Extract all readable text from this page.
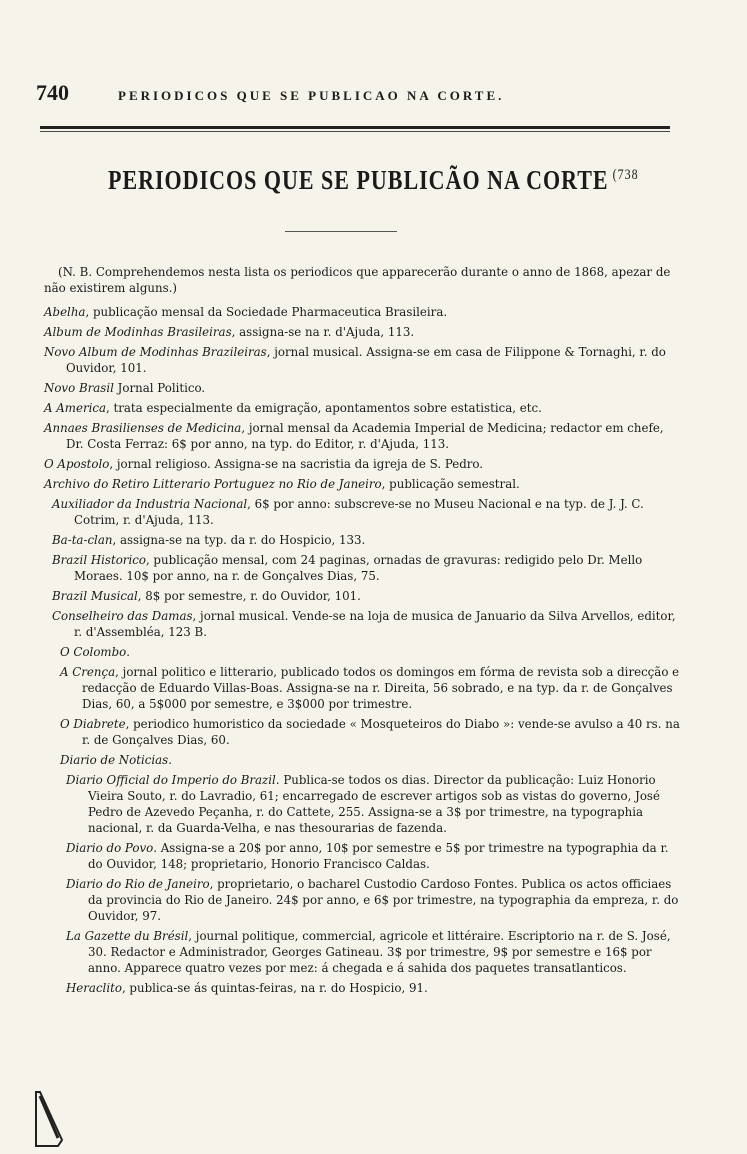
740	PERIODICOS QUE SE PUBLICAO NA CORTE.
PERIODICOS QUE SE PUBLICÃO NA CORTE $^{(738}$

(N. B. Comprehendemos nesta lista os periodicos que apparecerão durante o anno de 1868, apezar de não existirem alguns.)

Abelha, publicação mensal da Sociedade Pharmaceutica Brasileira.

Album de Modinhas Brasileiras, assigna-se na r. d'Ajuda, 113.

Novo Album de Modinhas Brazileiras, jornal musical. Assigna-se em casa de Filippone & Tornaghi, r. do Ouvidor, 101.

Novo Brasil Jornal Politico.

A America, trata especialmente da emigração, apontamentos sobre estatistica, etc.

Annaes Brasilienses de Medicina, jornal mensal da Academia Imperial de Medicina; redactor em chefe, Dr. Costa Ferraz: 6$ por anno, na typ. do Editor, r. d'Ajuda, 113.

O Apostolo, jornal religioso. Assigna-se na sacristia da igreja de S. Pedro.

Archivo do Retiro Litterario Portuguez no Rio de Janeiro, publicação semestral.

Auxiliador da Industria Nacional, 6$ por anno: subscreve-se no Museu Nacional e na typ. de J. J. C. Cotrim, r. d'Ajuda, 113.

Ba-ta-clan, assigna-se na typ. da r. do Hospicio, 133.

Brazil Historico, publicação mensal, com 24 paginas, ornadas de gravuras: redigido pelo Dr. Mello Moraes. 10$ por anno, na r. de Gonçalves Dias, 75.

Brazil Musical, 8$ por semestre, r. do Ouvidor, 101.

Conselheiro das Damas, jornal musical. Vende-se na loja de musica de Januario da Silva Arvellos, editor, r. d'Assembléa, 123 B.

O Colombo.

A Crença, jornal politico e litterario, publicado todos os domingos em fórma de revista sob a direcção e redacção de Eduardo Villas-Boas. Assigna-se na r. Direita, 56 sobrado, e na typ. da r. de Gonçalves Dias, 60, a 5$000 por semestre, e 3$000 por trimestre.

O Diabrete, periodico humoristico da sociedade « Mosqueteiros do Diabo »: vende-se avulso a 40 rs. na r. de Gonçalves Dias, 60.

Diario de Noticias.

Diario Official do Imperio do Brazil. Publica-se todos os dias. Director da publicação: Luiz Honorio Vieira Souto, r. do Lavradio, 61; encarregado de escrever artigos sob as vistas do governo, José Pedro de Azevedo Peçanha, r. do Cattete, 255. Assigna-se a 3$ por trimestre, na typographia nacional, r. da Guarda-Velha, e nas thesourarias de fazenda.

Diario do Povo. Assigna-se a 20$ por anno, 10$ por semestre e 5$ por trimestre na typographia da r. do Ouvidor, 148; proprietario, Honorio Francisco Caldas.

Diario do Rio de Janeiro, proprietario, o bacharel Custodio Cardoso Fontes. Publica os actos officiaes da provincia do Rio de Janeiro. 24$ por anno, e 6$ por trimestre, na typographia da empreza, r. do Ouvidor, 97.

La Gazette du Brésil, journal politique, commercial, agricole et littéraire. Escriptorio na r. de S. José, 30. Redactor e Administrador, Georges Gatineau. 3$ por trimestre, 9$ por semestre e 16$ por anno. Apparece quatro vezes por mez: á chegada e á sahida dos paquetes transatlanticos.

Heraclito, publica-se ás quintas-feiras, na r. do Hospicio, 91.
